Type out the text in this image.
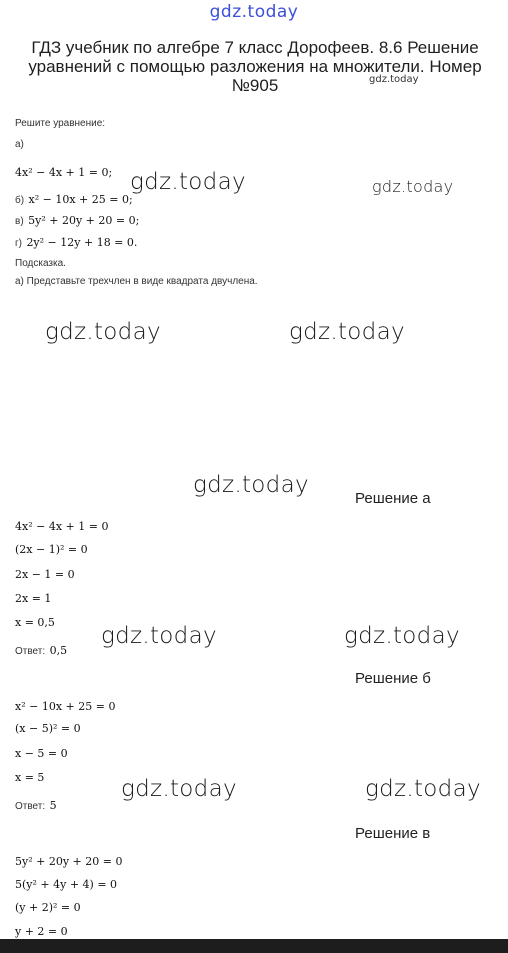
gdz.today
ГДЗ учебник по алгебре 7 класс Дорофеев. 8.6 Решение уравнений с помощью разложения на множители. Номер №905	gdz.today
Решите уравнение:
а)
4x² − 4x + 1 = 0;
б) x² − 10x + 25 = 0;
в) 5y² + 20y + 20 = 0;
г) 2y² − 12y + 18 = 0.
Подсказка.
а) Представьте трехчлен в виде квадрата двучлена.
gdz.today	gdz.today
gdz.today	gdz.today
gdz.today
gdz.today	gdz.today
gdz.today	gdz.today
Решение а
4x² − 4x + 1 = 0
(2x − 1)² = 0
2x − 1 = 0
2x = 1
x = 0,5
Ответ: 0,5
Решение б
x² − 10x + 25 = 0
(x − 5)² = 0
x − 5 = 0
x = 5
Ответ: 5
Решение в
5y² + 20y + 20 = 0
5(y² + 4y + 4) = 0
(y + 2)² = 0
y + 2 = 0
